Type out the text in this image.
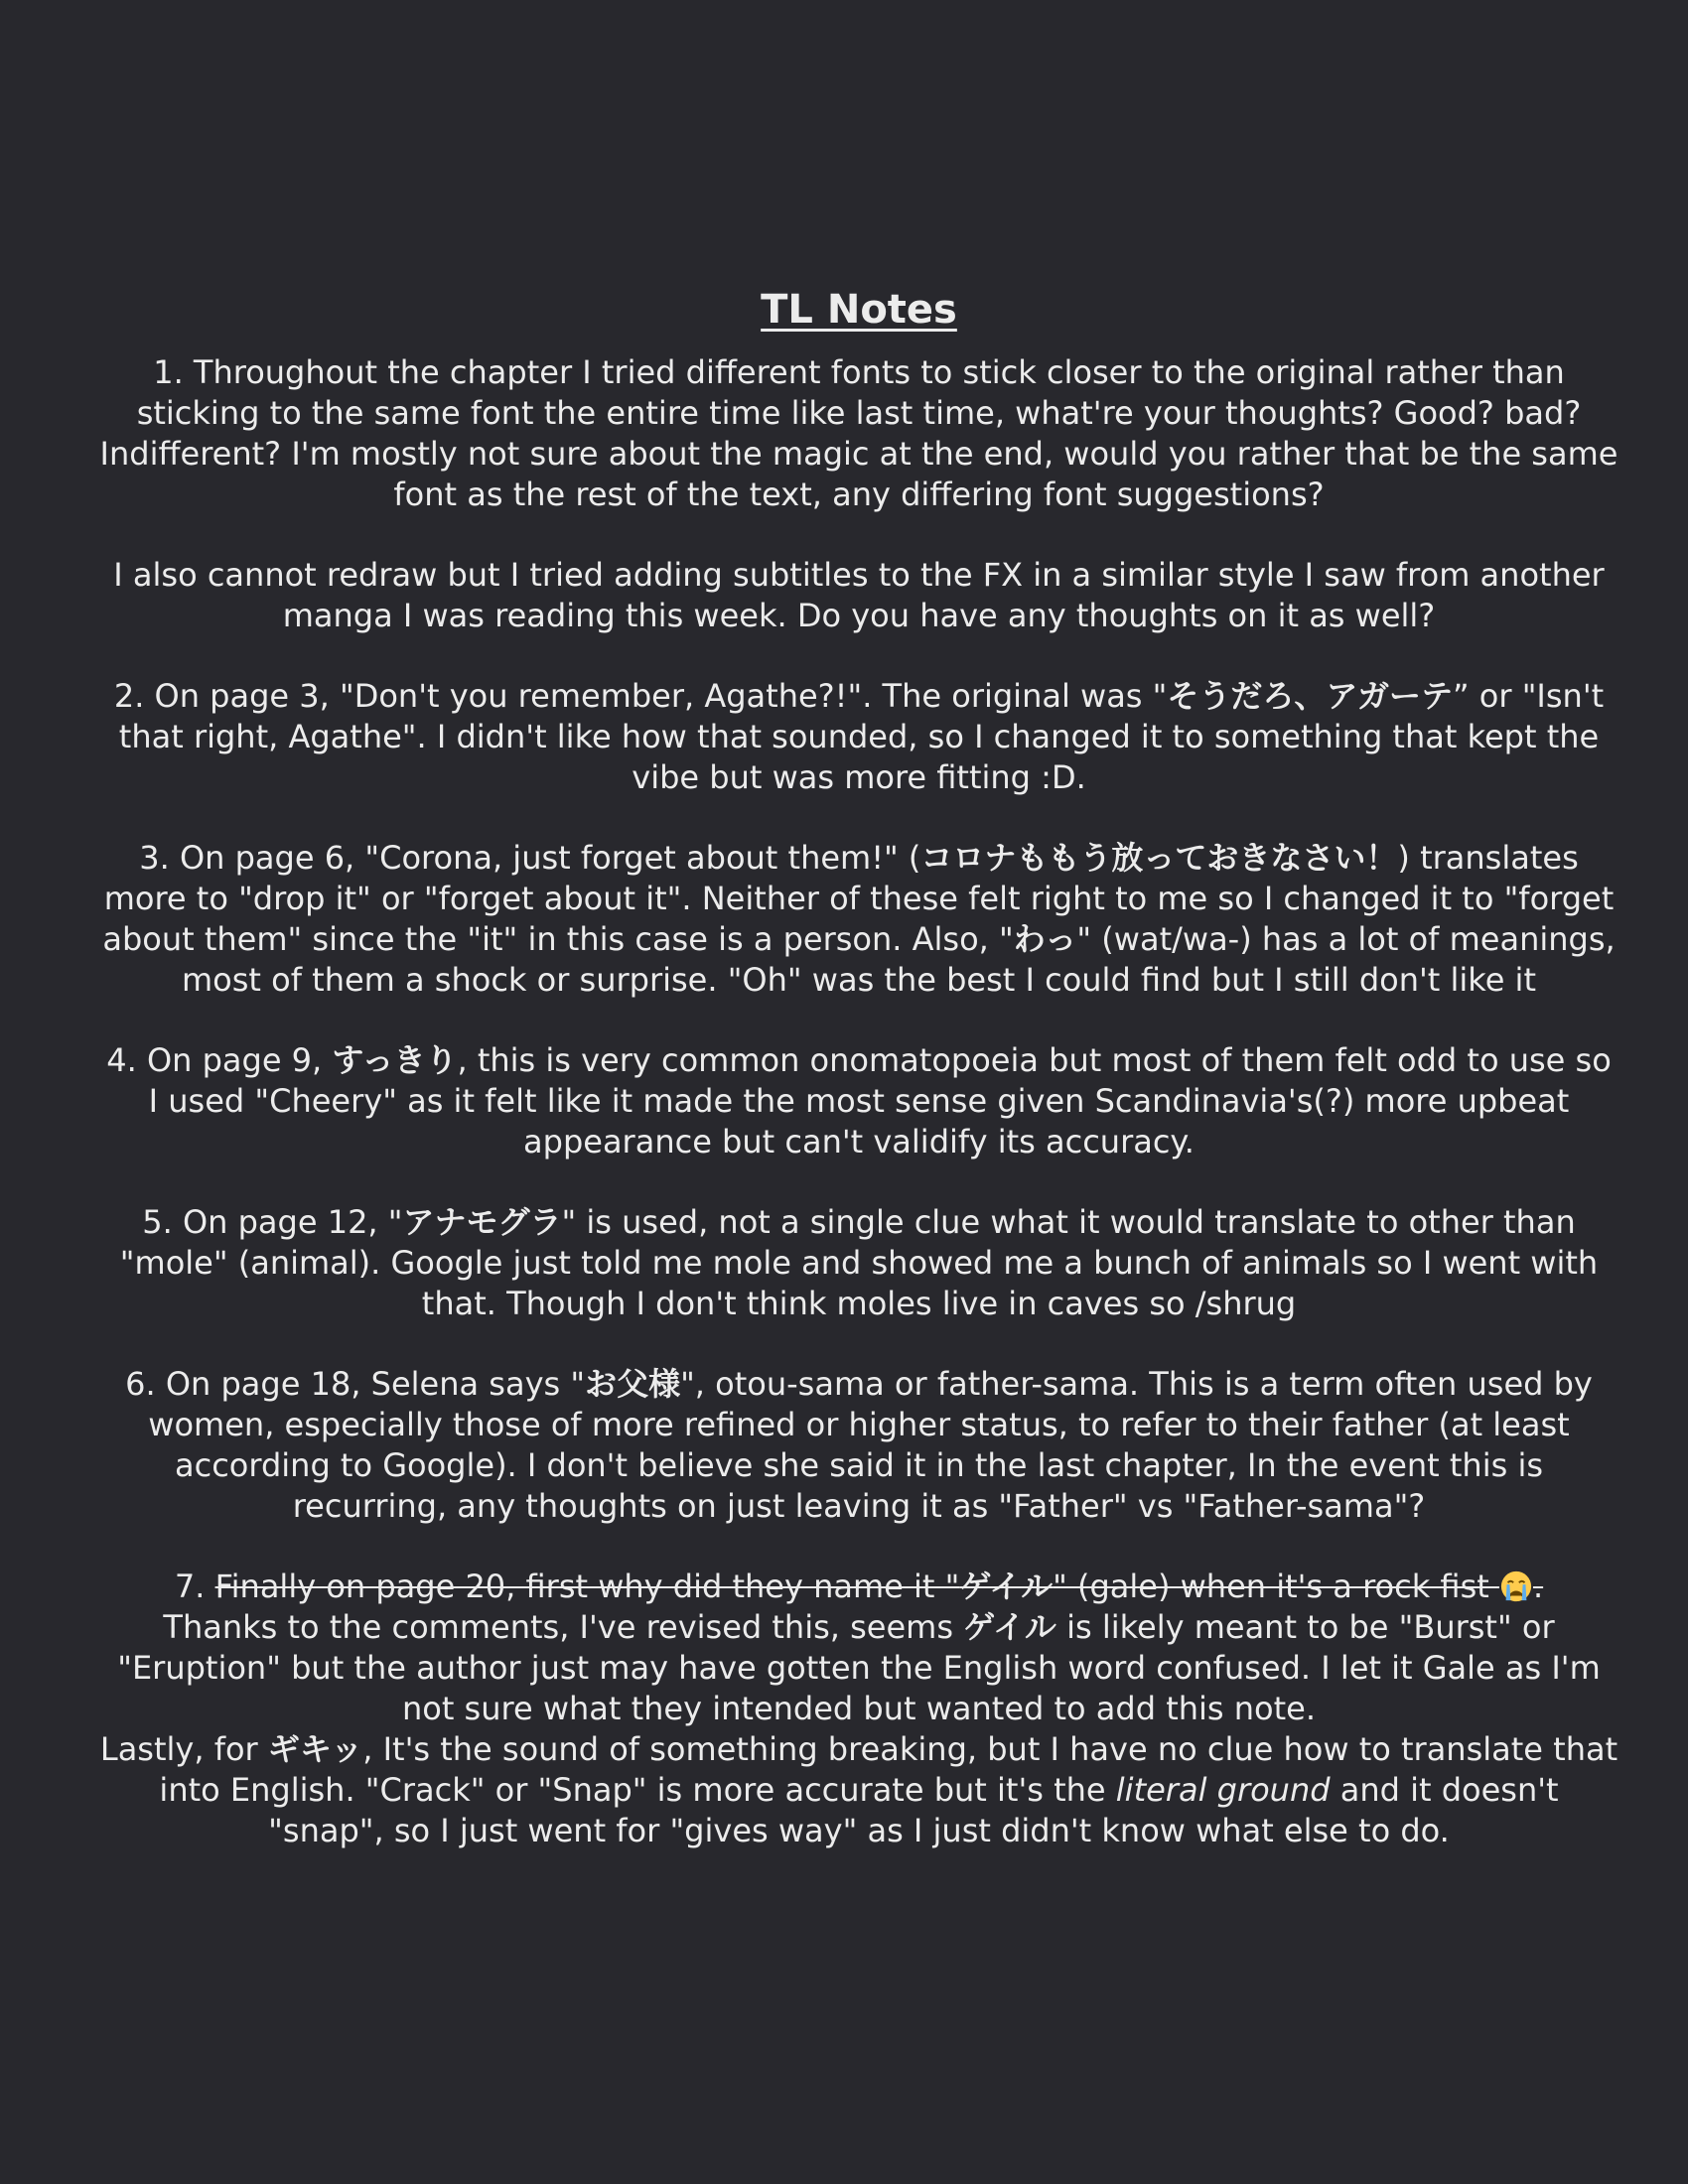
TL Notes

1. Throughout the chapter I tried different fonts to stick closer to the original rather than sticking to the same font the entire time like last time, what're your thoughts? Good? bad? Indifferent? I'm mostly not sure about the magic at the end, would you rather that be the same font as the rest of the text, any differing font suggestions?

I also cannot redraw but I tried adding subtitles to the FX in a similar style I saw from another manga I was reading this week. Do you have any thoughts on it as well?

2. On page 3, "Don't you remember, Agathe?!". The original was "そうだろ、アガーテ” or "Isn't that right, Agathe". I didn't like how that sounded, so I changed it to something that kept the vibe but was more fitting :D.

3. On page 6, "Corona, just forget about them!" (コロナももう放っておきなさい！) translates more to "drop it" or "forget about it". Neither of these felt right to me so I changed it to "forget about them" since the "it" in this case is a person. Also, "わっ" (wat/wa-) has a lot of meanings, most of them a shock or surprise. "Oh" was the best I could find but I still don't like it

4. On page 9, すっきり, this is very common onomatopoeia but most of them felt odd to use so I used "Cheery" as it felt like it made the most sense given Scandinavia's(?) more upbeat appearance but can't validify its accuracy.

5. On page 12, "アナモグラ" is used, not a single clue what it would translate to other than "mole" (animal). Google just told me mole and showed me a bunch of animals so I went with that. Though I don't think moles live in caves so /shrug

6. On page 18, Selena says "お父様", otou-sama or father-sama. This is a term often used by women, especially those of more refined or higher status, to refer to their father (at least according to Google). I don't believe she said it in the last chapter, In the event this is recurring, any thoughts on just leaving it as "Father" vs "Father-sama"?

7. Finally on page 20, first why did they name it "ゲイル" (gale) when it's a rock fist .
Thanks to the comments, I've revised this, seems ゲイル is likely meant to be "Burst" or "Eruption" but the author just may have gotten the English word confused. I let it Gale as I'm not sure what they intended but wanted to add this note.
Lastly, for ギキッ, It's the sound of something breaking, but I have no clue how to translate that into English. "Crack" or "Snap" is more accurate but it's the literal ground and it doesn't "snap", so I just went for "gives way" as I just didn't know what else to do.
